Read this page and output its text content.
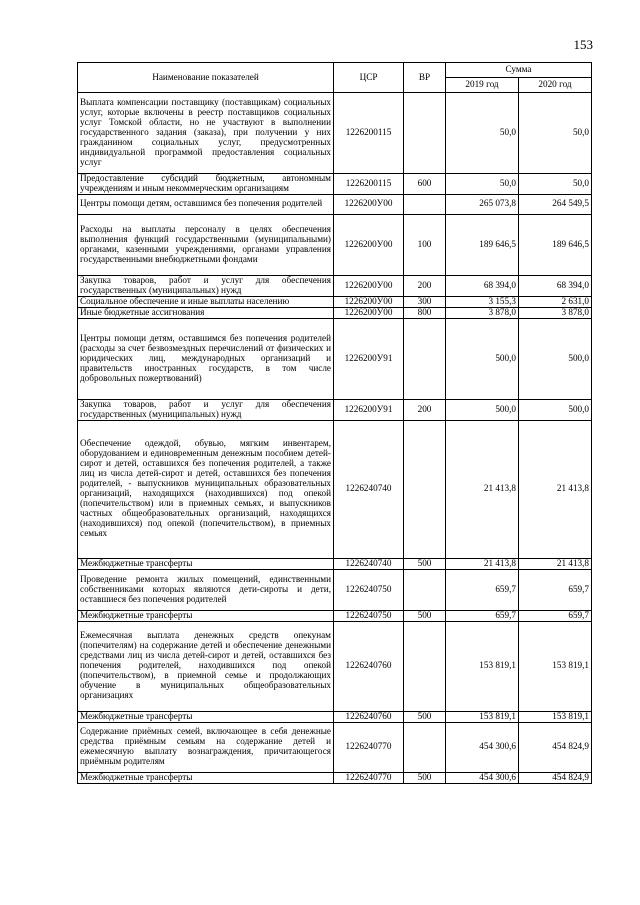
153
Наименование показателей	ЦСР	ВР	Сумма	
			2019 год	2020 год
Выплата компенсации поставщику (поставщикам) социальных услуг, которые включены в реестр поставщиков социальных услуг Томской области, но не участвуют в выполнении государственного задания (заказа), при получении у них гражданином социальных услуг, предусмотренных индивидуальной программой предоставления социальных услуг	1226200115		50,0	50,0
Предоставление субсидий бюджетным, автономным учреждениям и иным некоммерческим организациям	1226200115	600	50,0	50,0
Центры помощи детям, оставшимся без попечения родителей	1226200У00		265 073,8	264 549,5
Расходы на выплаты персоналу в целях обеспечения выполнения функций государственными (муниципальными) органами, казенными учреждениями, органами управления государственными внебюджетными фондами	1226200У00	100	189 646,5	189 646,5
Закупка товаров, работ и услуг для обеспечения государственных (муниципальных) нужд	1226200У00	200	68 394,0	68 394,0
Социальное обеспечение и иные выплаты населению	1226200У00	300	3 155,3	2 631,0
Иные бюджетные ассигнования	1226200У00	800	3 878,0	3 878,0
Центры помощи детям, оставшимся без попечения родителей (расходы за счет безвозмездных перечислений от физических и юридических лиц, международных организаций и правительств иностранных государств, в том числе добровольных пожертвований)	1226200У91		500,0	500,0
Закупка товаров, работ и услуг для обеспечения государственных (муниципальных) нужд	1226200У91	200	500,0	500,0
Обеспечение одеждой, обувью, мягким инвентарем, оборудованием и единовременным денежным пособием детей-сирот и детей, оставшихся без попечения родителей, а также лиц из числа детей-сирот и детей, оставшихся без попечения родителей, - выпускников муниципальных образовательных организаций, находящихся (находившихся) под опекой (попечительством) или в приемных семьях, и выпускников частных общеобразовательных организаций, находящихся (находившихся) под опекой (попечительством), в приемных семьях	1226240740		21 413,8	21 413,8
Межбюджетные трансферты	1226240740	500	21 413,8	21 413,8
Проведение ремонта жилых помещений, единственными собственниками которых являются дети-сироты и дети, оставшиеся без попечения родителей	1226240750		659,7	659,7
Межбюджетные трансферты	1226240750	500	659,7	659,7
Ежемесячная выплата денежных средств опекунам (попечителям) на содержание детей и обеспечение денежными средствами лиц из числа детей-сирот и детей, оставшихся без попечения родителей, находившихся под опекой (попечительством), в приемной семье и продолжающих обучение в муниципальных общеобразовательных организациях	1226240760		153 819,1	153 819,1
Межбюджетные трансферты	1226240760	500	153 819,1	153 819,1
Содержание приёмных семей, включающее в себя денежные средства приёмным семьям на содержание детей и ежемесячную выплату вознаграждения, причитающегося приёмным родителям	1226240770		454 300,6	454 824,9
Межбюджетные трансферты	1226240770	500	454 300,6	454 824,9
